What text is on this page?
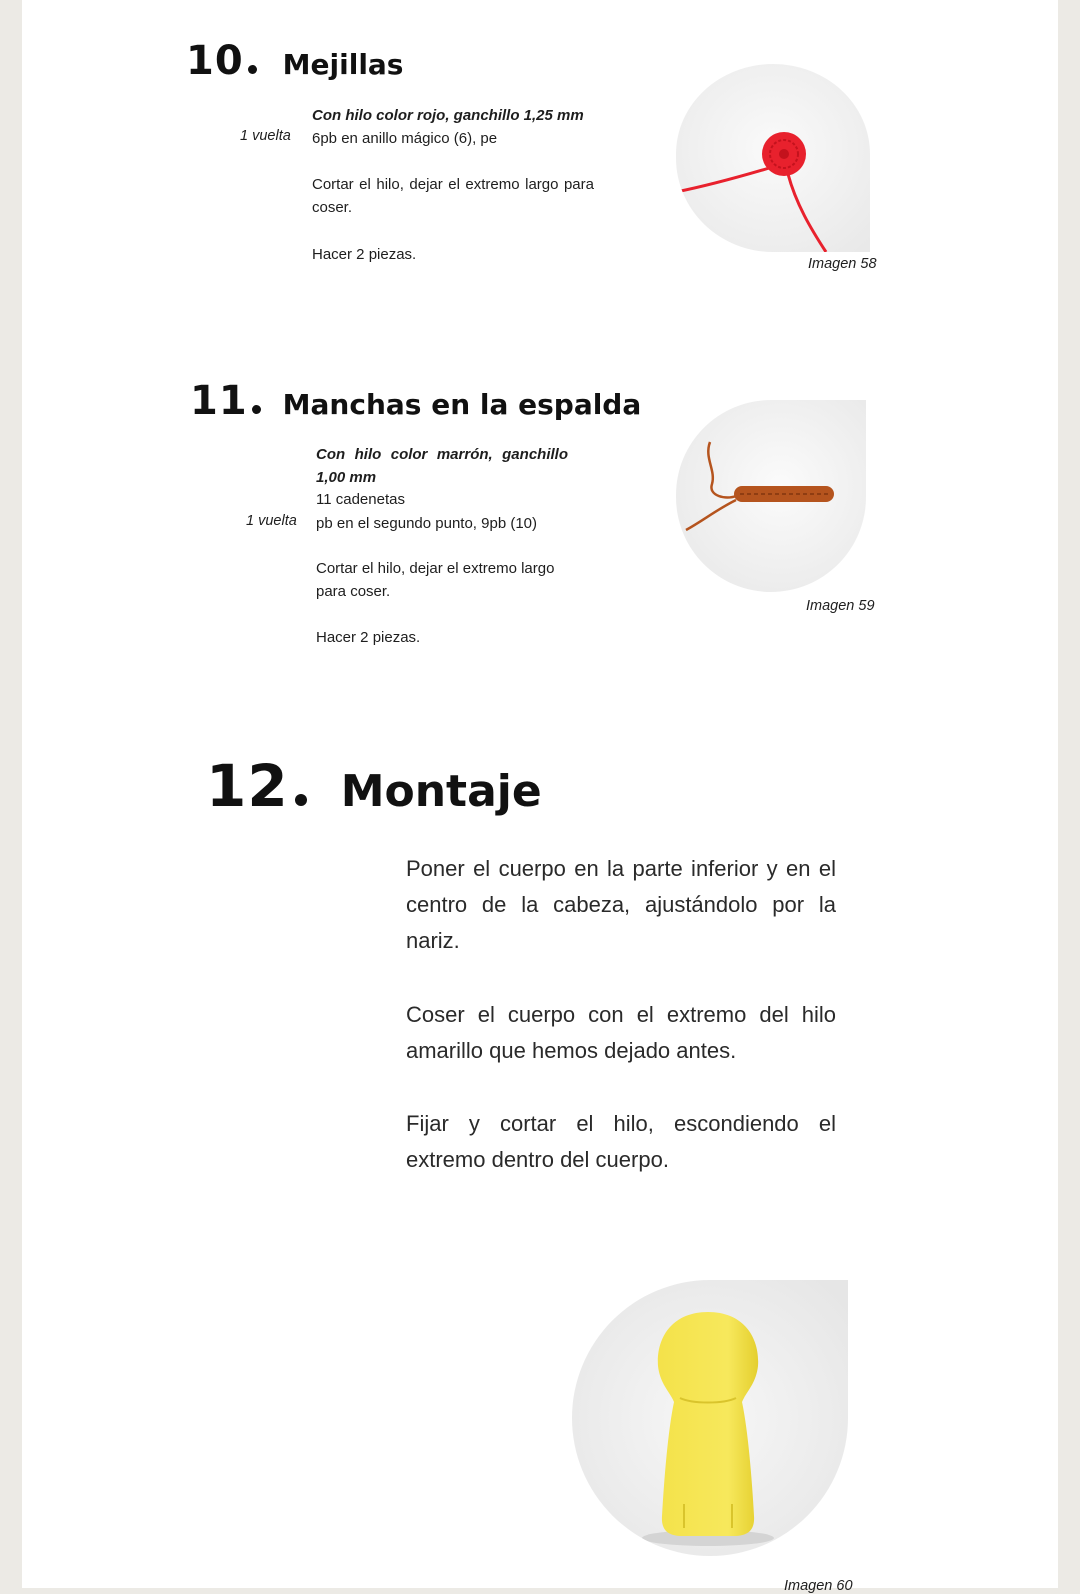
10 Mejillas
Con hilo color rojo, ganchillo 1,25 mm
1 vuelta 6pb en anillo mágico (6), pe
Cortar el hilo, dejar el extremo largo para coser.
Hacer 2 piezas.
Imagen 58
11 Manchas en la espalda
Con hilo color marrón, ganchillo 1,00 mm
11 cadenetas
1 vuelta pb en el segundo punto, 9pb (10)
Cortar el hilo, dejar el extremo largo para coser.
Hacer 2 piezas.
Imagen 59
12 Montaje
Poner el cuerpo en la parte inferior y en el centro de la cabeza, ajustándolo por la nariz.
Coser el cuerpo con el extremo del hilo amarillo que hemos dejado antes.
Fijar y cortar el hilo, escondiendo el extremo dentro del cuerpo.
Imagen 60
